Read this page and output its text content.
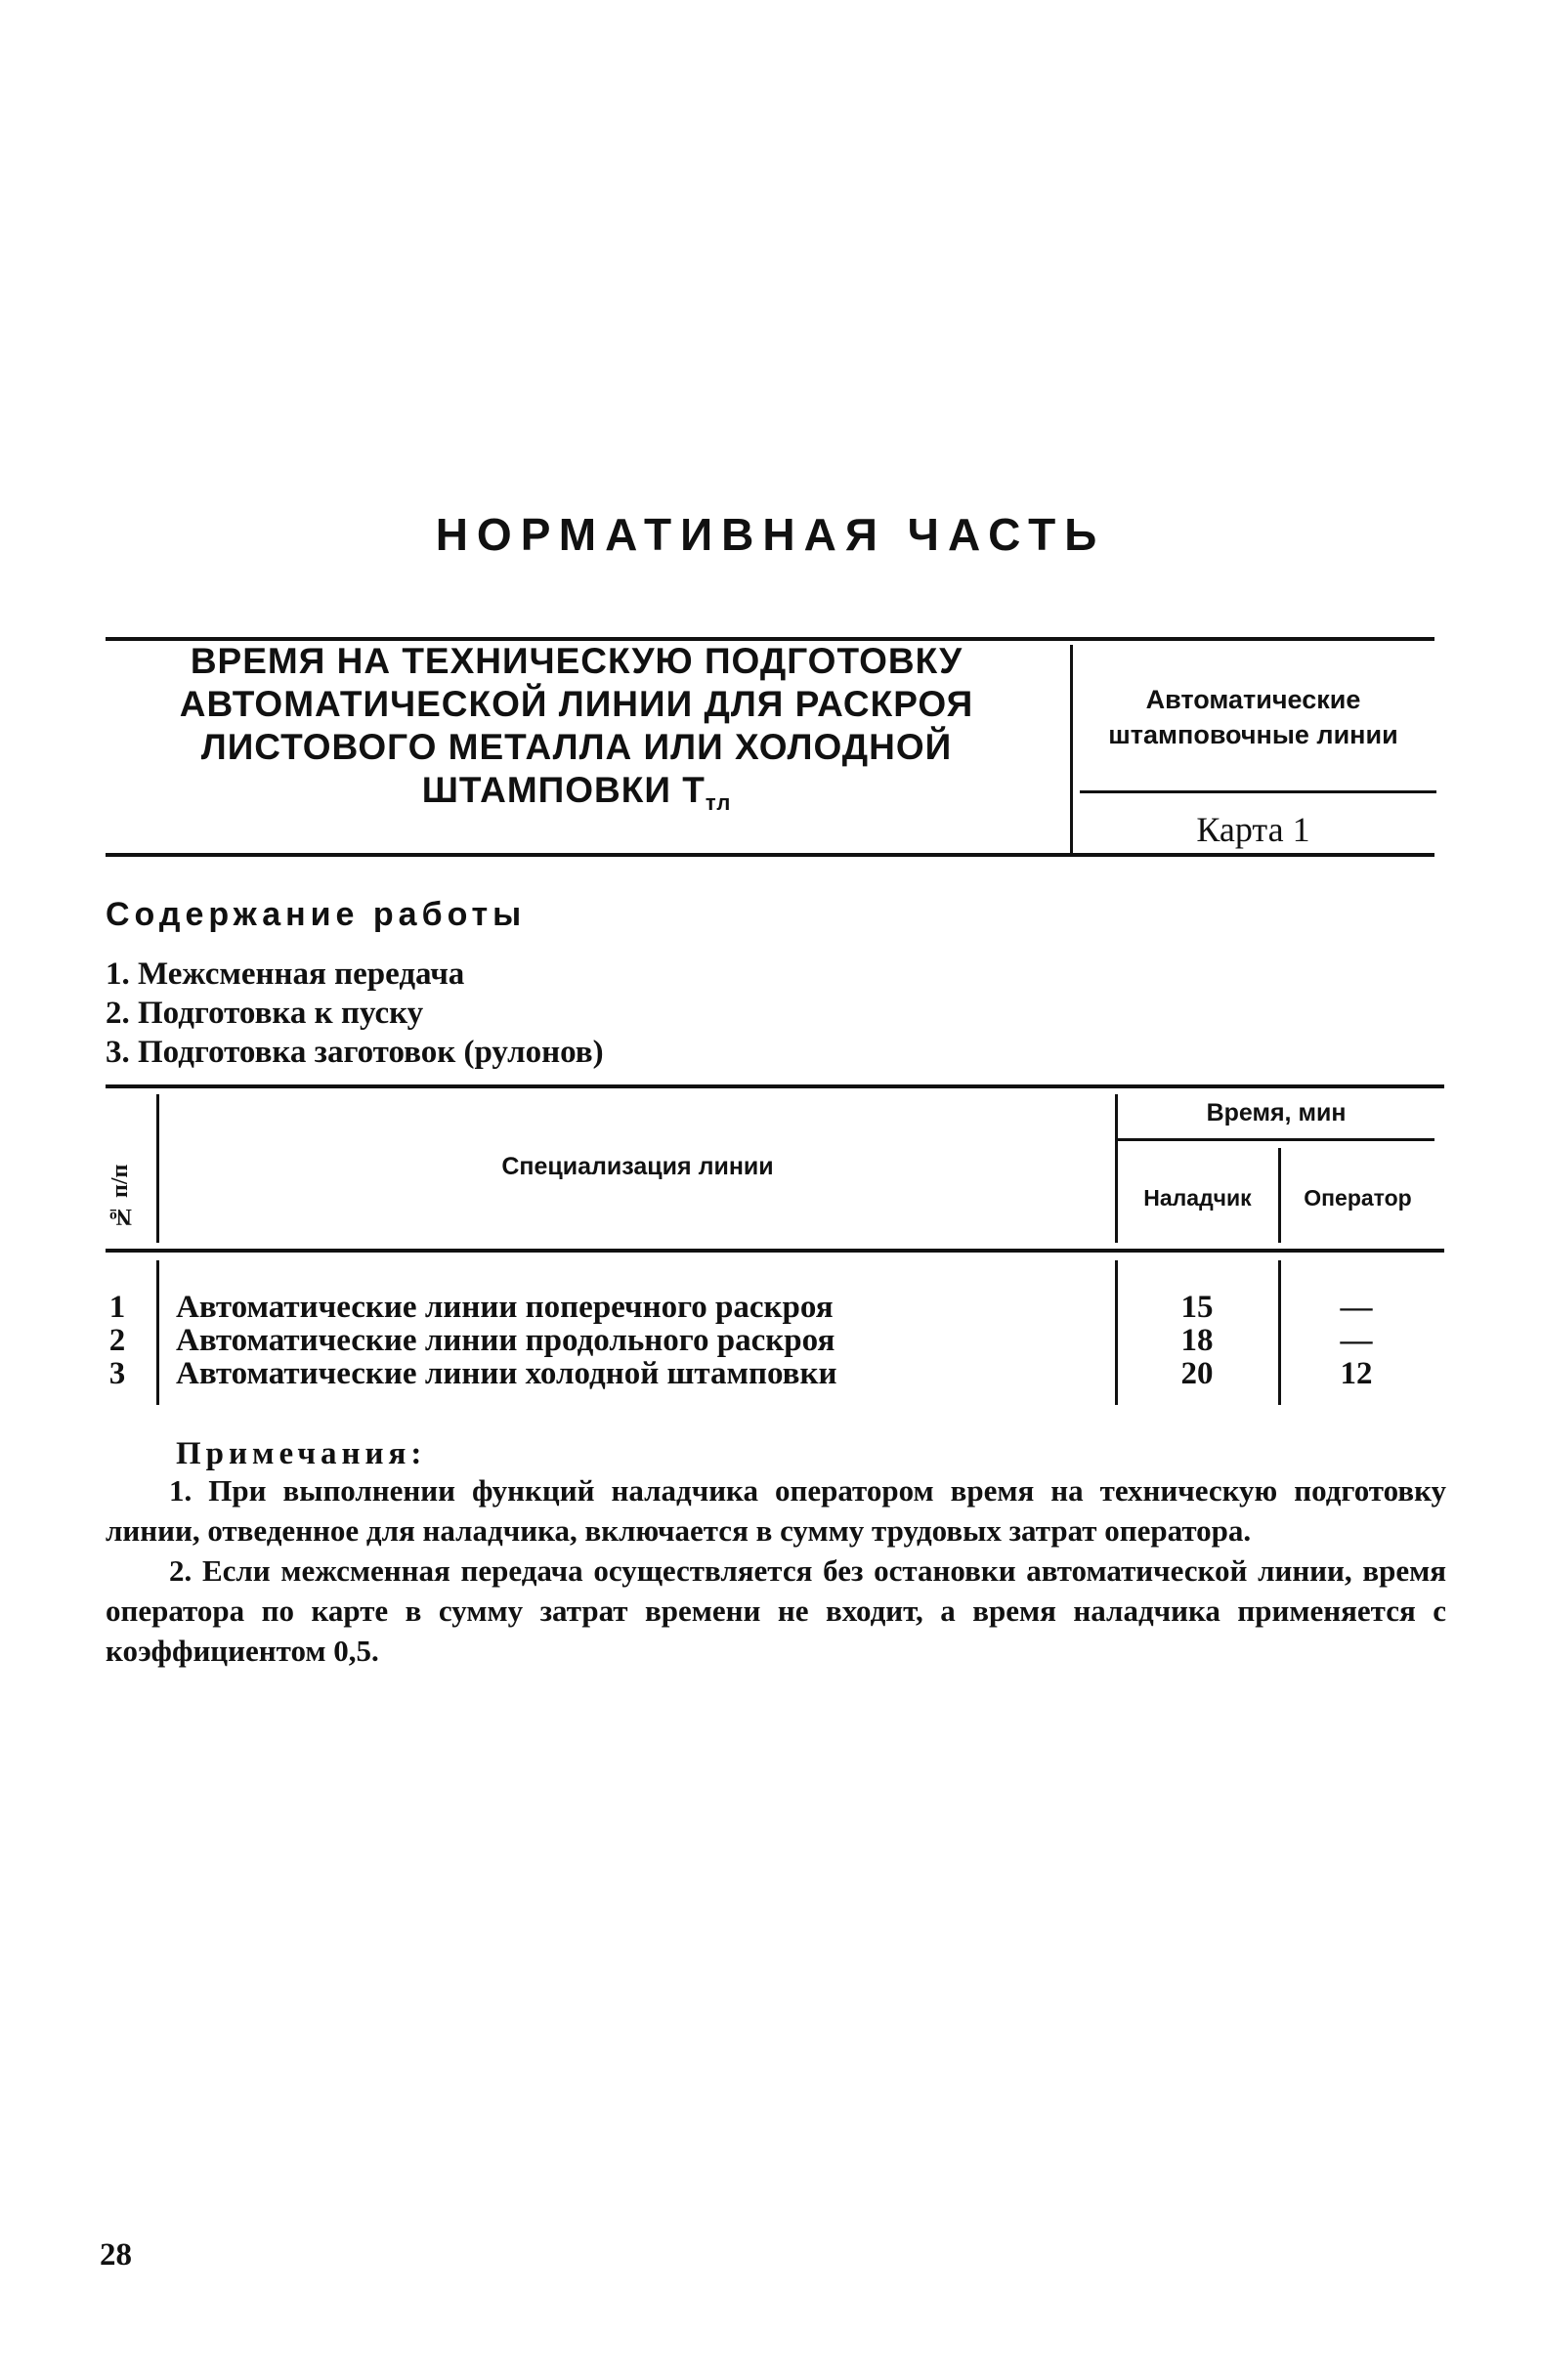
НОРМАТИВНАЯ ЧАСТЬ
ВРЕМЯ НА ТЕХНИЧЕСКУЮ ПОДГОТОВКУ
АВТОМАТИЧЕСКОЙ ЛИНИИ ДЛЯ РАСКРОЯ
ЛИСТОВОГО МЕТАЛЛА ИЛИ ХОЛОДНОЙ
ШТАМПОВКИ $Т_{тл}$
Автоматические
штамповочные линии
Карта 1
Содержание работы
1. Межсменная передача
2. Подготовка к пуску
3. Подготовка заготовок (рулонов)
№ п/п	Специализация линии
Время, мин
Наладчик	Оператор
1	Автоматические линии поперечного раскроя	15	—
2	Автоматические линии продольного раскроя	18	—
3	Автоматические линии холодной штамповки	20	12
Примечания:

1. При выполнении функций наладчика оператором время на техническую подготовку линии, отведенное для наладчика, включается в сумму трудовых затрат оператора.

2. Если межсменная передача осуществляется без остановки автоматической линии, время оператора по карте в сумму затрат времени не входит, а время наладчика применяется с коэффициентом 0,5.

28
